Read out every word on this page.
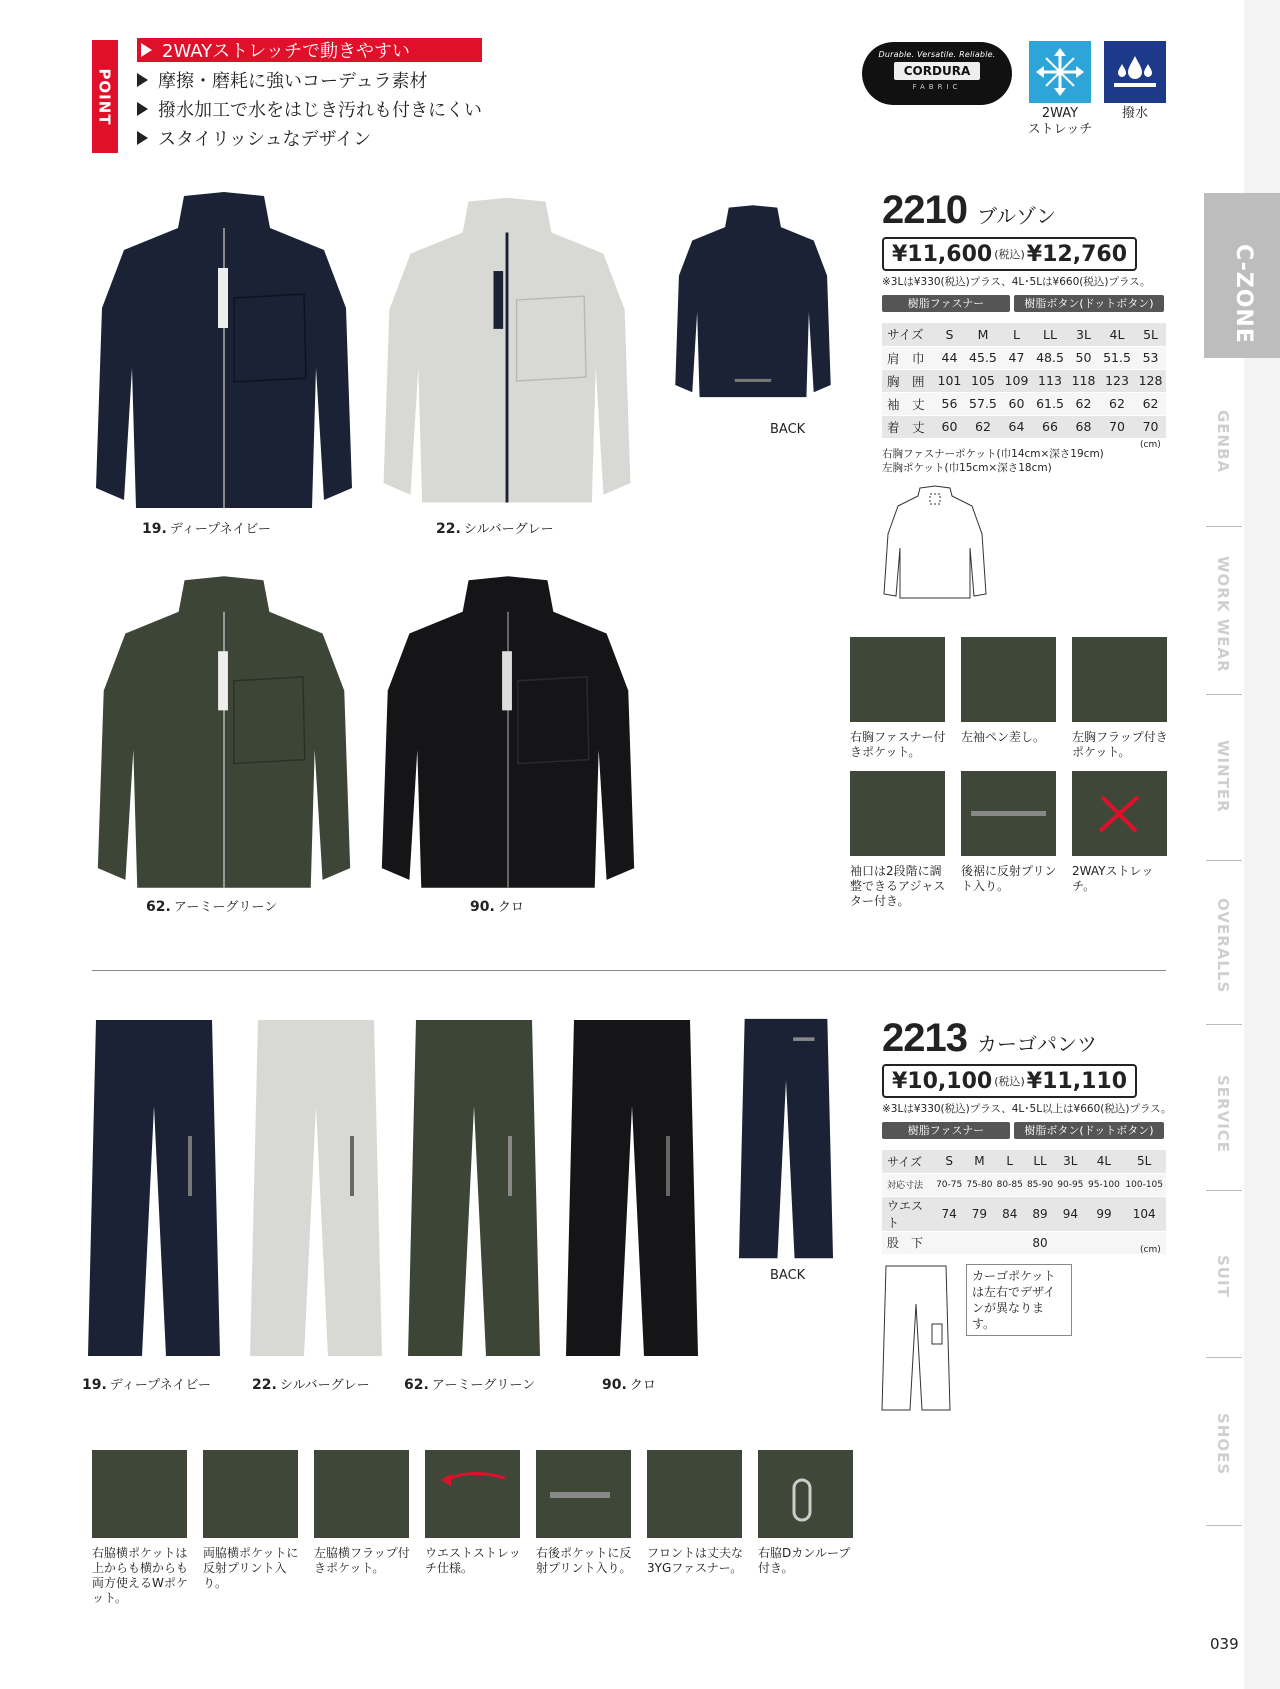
POINT
2WAYストレッチで動きやすい
摩擦・磨耗に強いコーデュラ素材
撥水加工で水をはじき汚れも付きにくい
スタイリッシュなデザイン
Durable. Versatile. Reliable.
CORDURA
FABRIC
2WAY
ストレッチ
撥水
C-ZONE
GENBA
WORK WEAR
WINTER
OVERALLS
SERVICE
SUIT
SHOES
BACK
19. ディープネイビー	22. シルバーグレー
62. アーミーグリーン	90. クロ
2210 ブルゾン
¥11,600 (税込) ¥12,760
※3Lは¥330(税込)プラス、4L･5Lは¥660(税込)プラス。
樹脂ファスナー	樹脂ボタン(ドットボタン)
サイズ	S	M	L	LL	3L	4L	5L
肩　巾	44	45.5	47	48.5	50	51.5	53
胸　囲	101	105	109	113	118	123	128
袖　丈	56	57.5	60	61.5	62	62	62
着　丈	60	62	64	66	68	70	70
(cm)
右胸ファスナーポケット(巾14cm×深さ19cm)
左胸ポケット(巾15cm×深さ18cm)
右胸ファスナー付きポケット。
左袖ペン差し。	左胸フラップ付きポケット。
袖口は2段階に調整できるアジャスター付き。
後裾に反射プリント入り。
2WAYストレッチ。
BACK
19. ディープネイビー	22. シルバーグレー 62. アーミーグリーン	90. クロ
2213 カーゴパンツ
¥10,100 (税込) ¥11,110
※3Lは¥330(税込)プラス、4L･5L以上は¥660(税込)プラス。
樹脂ファスナー	樹脂ボタン(ドットボタン)
サイズ	S	M	L	LL	3L	4L	5L
対応寸法	70-75	75-80	80-85	85-90	90-95	95-100	100-105
ウエスト	74	79	84	89	94	99	104
股　下				80			
(cm)
カーゴポケットは左右でデザインが異なります。
右脇横ポケットは上からも横からも両方使えるWポケット。
両脇横ポケットに反射プリント入り。
左脇横フラップ付きポケット。
ウエストストレッチ仕様。
右後ポケットに反射プリント入り。
フロントは丈夫な3YGファスナー。
右脇Dカンループ付き。
039
